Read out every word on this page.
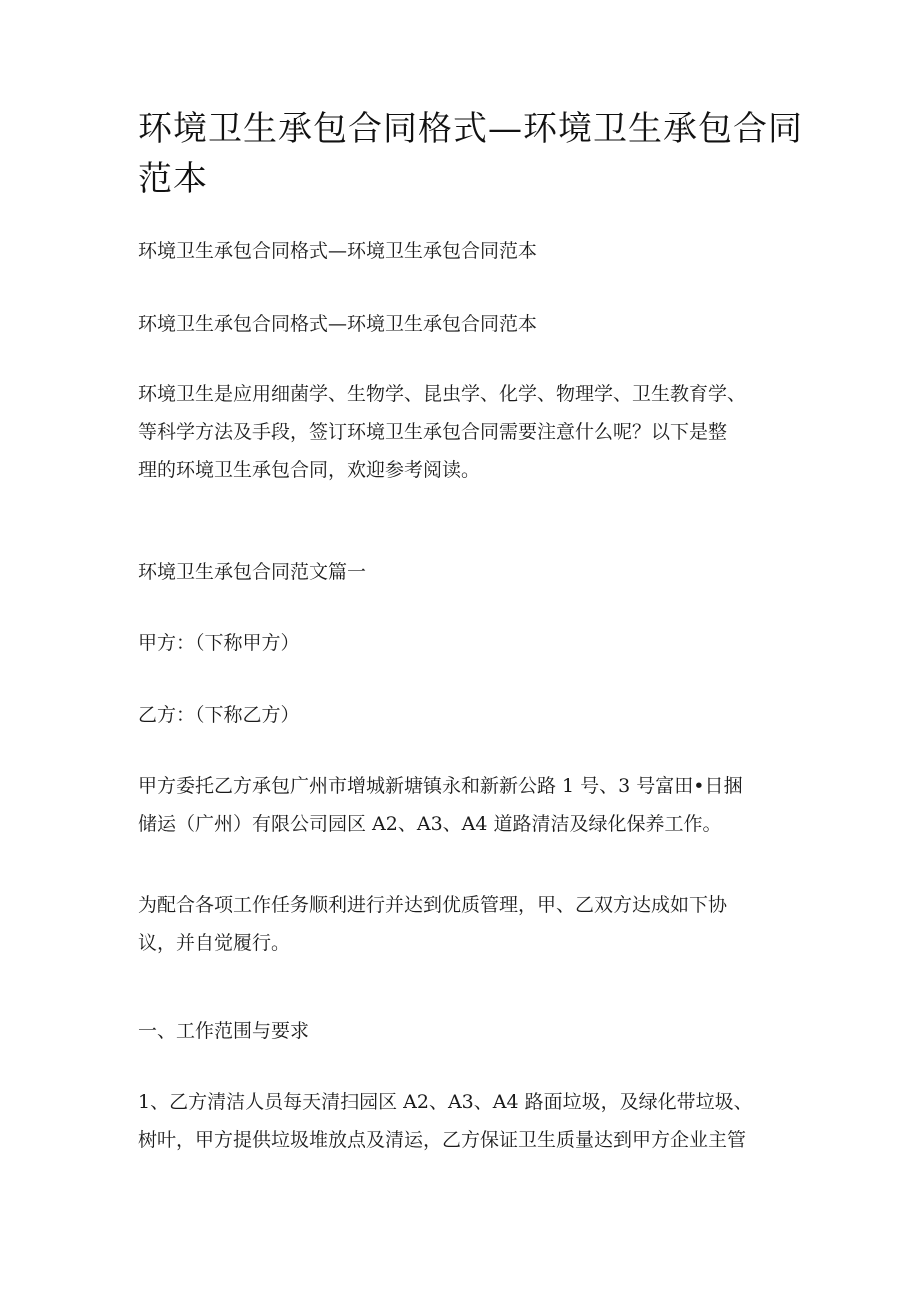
环境卫生承包合同格式—环境卫生承包合同
范本

环境卫生承包合同格式—环境卫生承包合同范本

环境卫生承包合同格式—环境卫生承包合同范本

环境卫生是应用细菌学、生物学、昆虫学、化学、物理学、卫生教育学、
等科学方法及手段，签订环境卫生承包合同需要注意什么呢？以下是整
理的环境卫生承包合同，欢迎参考阅读。

环境卫生承包合同范文篇一

甲方：（下称甲方）

乙方：（下称乙方）

甲方委托乙方承包广州市增城新塘镇永和新新公路 1 号、3 号富田•日捆
储运（广州）有限公司园区 A2、A3、A4 道路清洁及绿化保养工作。

为配合各项工作任务顺利进行并达到优质管理，甲、乙双方达成如下协
议，并自觉履行。

一、工作范围与要求

1、乙方清洁人员每天清扫园区 A2、A3、A4 路面垃圾，及绿化带垃圾、
树叶，甲方提供垃圾堆放点及清运，乙方保证卫生质量达到甲方企业主管
